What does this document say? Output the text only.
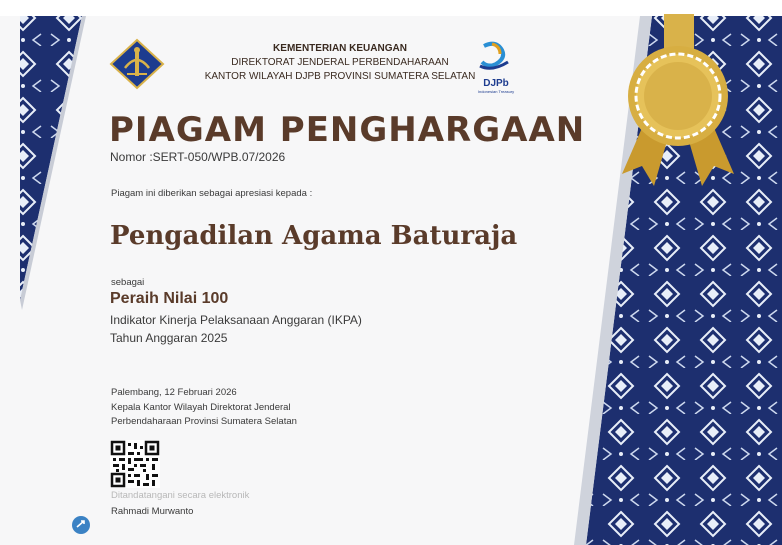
KEMENTERIAN KEUANGAN
DIREKTORAT JENDERAL PERBENDAHARAAN
KANTOR WILAYAH DJPB PROVINSI SUMATERA SELATAN
DJPb
Indonesian Treasury
PIAGAM PENGHARGAAN
Nomor :SERT-050/WPB.07/2026
Piagam ini diberikan sebagai apresiasi kepada :
Pengadilan Agama Baturaja
sebagai
Peraih Nilai 100
Indikator Kinerja Pelaksanaan Anggaran (IKPA)
Tahun Anggaran 2025
Palembang, 12 Februari 2026
Kepala Kantor Wilayah Direktorat Jenderal
Perbendaharaan Provinsi Sumatera Selatan
Ditandatangani secara elektronik
Rahmadi Murwanto
